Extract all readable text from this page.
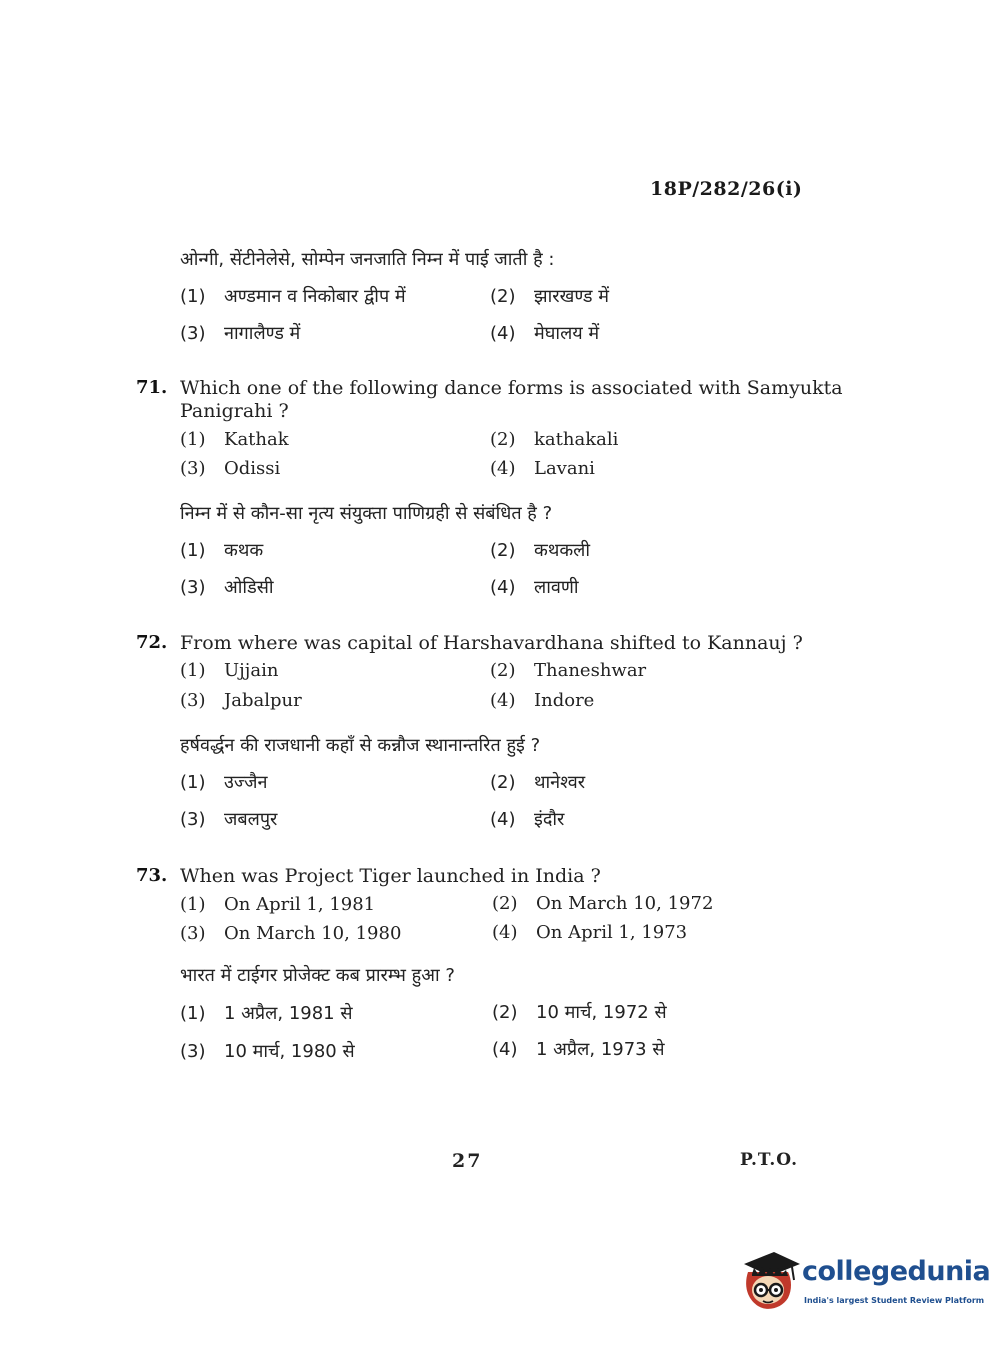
18P/282/26(i)
ओन्गी, सेंटीनेलेसे, सोम्पेन जनजाति निम्न में पाई जाती है :
(1) अण्डमान व निकोबार द्वीप में	(2) झारखण्ड में
(3) नागालैण्ड में	(4) मेघालय में
71. Which one of the following dance forms is associated with Samyukta
Panigrahi ?
(1) Kathak	(2) kathakali
(3) Odissi	(4) Lavani
निम्न में से कौन-सा नृत्य संयुक्ता पाणिग्रही से संबंधित है ?
(1) कथक	(2) कथकली
(3) ओडिसी	(4) लावणी
72. From where was capital of Harshavardhana shifted to Kannauj ?
(1) Ujjain	(2) Thaneshwar
(3) Jabalpur	(4) Indore
हर्षवर्द्धन की राजधानी कहाँ से कन्नौज स्थानान्तरित हुई ?
(1) उज्जैन	(2) थानेश्वर
(3) जबलपुर	(4) इंदौर
73. When was Project Tiger launched in India ?
(1) On April 1, 1981	(2) On March 10, 1972
(3) On March 10, 1980	(4) On April 1, 1973
भारत में टाईगर प्रोजेक्ट कब प्रारम्भ हुआ ?
(1) 1 अप्रैल, 1981 से	(2) 10 मार्च, 1972 से
(3) 10 मार्च, 1980 से	(4) 1 अप्रैल, 1973 से
27	P.T.O.
collegedunia
India's largest Student Review Platform
